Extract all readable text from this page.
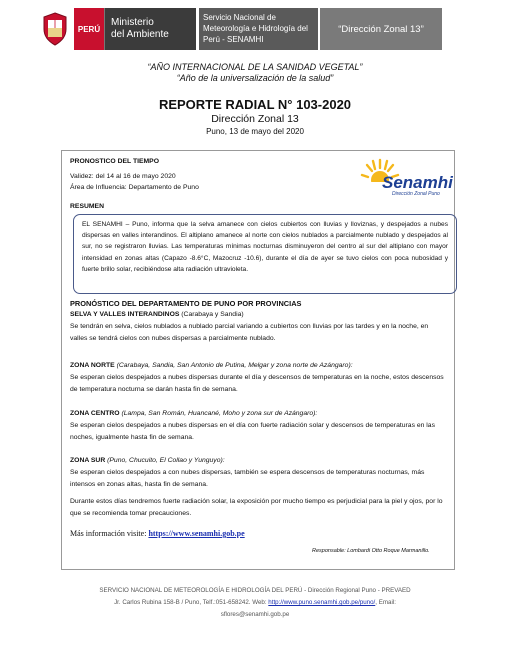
PERÚ
Ministerio
del Ambiente
Servicio Nacional de
Meteorología e Hidrología del
Perú - SENAMHI
“Dirección Zonal 13”
“AÑO INTERNACIONAL DE LA SANIDAD VEGETAL”
“Año de la universalización de la salud”
REPORTE RADIAL N° 103-2020
Dirección Zonal 13
Puno, 13 de mayo del 2020
PRONOSTICO DEL TIEMPO
Validez: del 14 al 16 de mayo 2020
Área de Influencia: Departamento de Puno	Senamhi
Dirección Zonal Puno
RESUMEN
EL SENAMHI – Puno, informa que la selva amanece con cielos cubiertos con lluvias y lloviznas, y despejados a nubes dispersas en valles interandinos. El altiplano amanece al norte con cielos nublados a parcialmente nublado y despejados al sur, no se registraron lluvias. Las temperaturas mínimas nocturnas disminuyeron del centro al sur del altiplano con mayor intensidad en zonas altas (Capazo -8.6°C, Mazocruz -10.6), durante el día de ayer se tuvo cielos con poca nubosidad y fuerte brillo solar, recibiéndose alta radiación ultravioleta.
PRONÓSTICO DEL DEPARTAMENTO DE PUNO POR PROVINCIAS
SELVA Y VALLES INTERANDINOS (Carabaya y Sandia)
Se tendrán en selva, cielos nublados a nublado parcial variando a cubiertos con lluvias por las tardes y en la noche, en valles se tendrá cielos con nubes dispersas a parcialmente nublado.
ZONA NORTE (Carabaya, Sandia, San Antonio de Putina, Melgar y zona norte de Azángaro):
Se esperan cielos despejados a nubes dispersas durante el día y descensos de temperaturas en la noche, estos descensos de temperatura nocturna se darán hasta fin de semana.
ZONA CENTRO (Lampa, San Román, Huancané, Moho y zona sur de Azángaro):
Se esperan cielos despejados a nubes dispersas en el día con fuerte radiación solar y descensos de temperaturas en las noches, igualmente hasta fin de semana.
ZONA SUR (Puno, Chucuito, El Collao y Yunguyo):
Se esperan cielos despejados a con nubes dispersas, también se espera descensos de temperaturas nocturnas, más intensos en zonas altas, hasta fin de semana.
Durante estos días tendremos fuerte radiación solar, la exposición por mucho tiempo es perjudicial para la piel y ojos, por lo que se recomienda tomar precauciones.
Más información visite: https://www.senamhi.gob.pe
Responsable: Lombardi Otto Roque Marmanillo.
SERVICIO NACIONAL DE METEOROLOGÍA E HIDROLOGÍA DEL PERÚ - Dirección Regional Puno - PREVAED
Jr. Carlos Rubina 158-B / Puno, Telf.:051-658242. Web: http://www.puno.senamhi.gob.pe/puno/, Email:
sflores@senamhi.gob.pe
